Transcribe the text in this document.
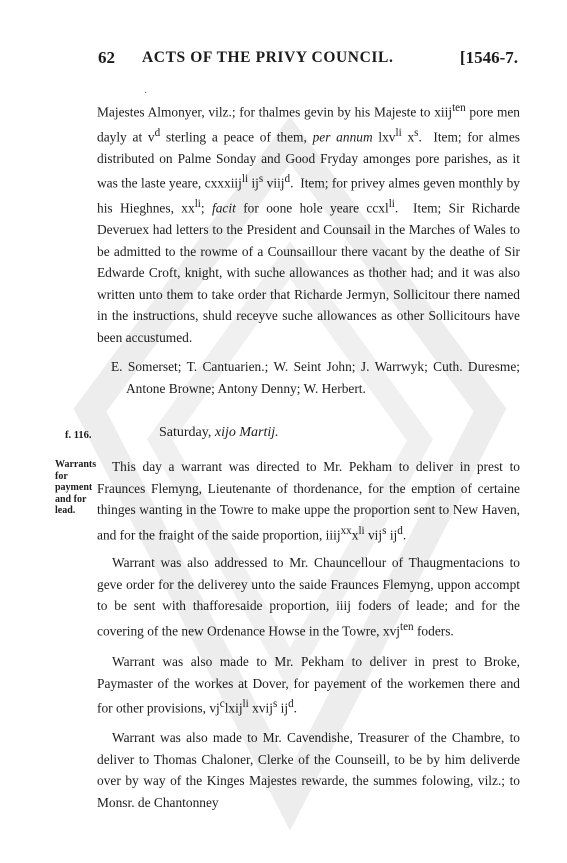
62 ACTS OF THE PRIVY COUNCIL.	[1546-7.
·
Majestes Almonyer, vilz.; for thalmes gevin by his Majeste to xiij$^{ten}$ pore men dayly at $v^d$ sterling a peace of them, per annum lxv$^{li}$ $x^s$.  Item; for almes distributed on Palme Sonday and Good Fryday amonges pore parishes, as it was the laste yeare, cxxxiij$^{li}$ $ij^s$ viij$^d$.  Item; for privey almes geven monthly by his Hieghnes, $xx^{li}$; facit for oone hole yeare ccxl$^{li}$.  Item; Sir Richarde Deveruex had letters to the President and Counsail in the Marches of Wales to be admitted to the rowme of a Counsaillour there vacant by the deathe of Sir Edwarde Croft, knight, with suche allowances as thother had; and it was also written unto them to take order that Richarde Jermyn, Sollicitour there named in the instructions, shuld receyve suche allowances as other Sollicitours have been accustumed.
E. Somerset; T. Cantuarien.; W. Seint John; J. Warrwyk; Cuth. Duresme; Antone Browne; Antony Denny; W. Herbert.
f. 116.	Saturday, xijo Martij.
Warrants for payment and for lead.
This day a warrant was directed to Mr. Pekham to deliver in prest to Fraunces Flemyng, Lieutenante of thordenance, for the emption of certaine thinges wanting in the Towre to make uppe the proportion sent to New Haven, and for the fraight of the saide proportion, $iiij^{xx}x^{li}$ vij$^s$ $ij^d$.
Warrant was also addressed to Mr. Chauncellour of Thaugmentacions to geve order for the deliverey unto the saide Fraunces Flemyng, uppon accompt to be sent with thafforesaide proportion, iiij foders of leade; and for the covering of the new Ordenance Howse in the Towre, xvj$^{ten}$ foders.
Warrant was also made to Mr. Pekham to deliver in prest to Broke, Paymaster of the workes at Dover, for payement of the workemen there and for other provisions, $vj^clxij^{li}$ xvij$^s$ $ij^d$.
Warrant was also made to Mr. Cavendishe, Treasurer of the Chambre, to deliver to Thomas Chaloner, Clerke of the Counseill, to be by him deliverde over by way of the Kinges Majestes rewarde, the summes folowing, vilz.; to Monsr. de Chantonney
